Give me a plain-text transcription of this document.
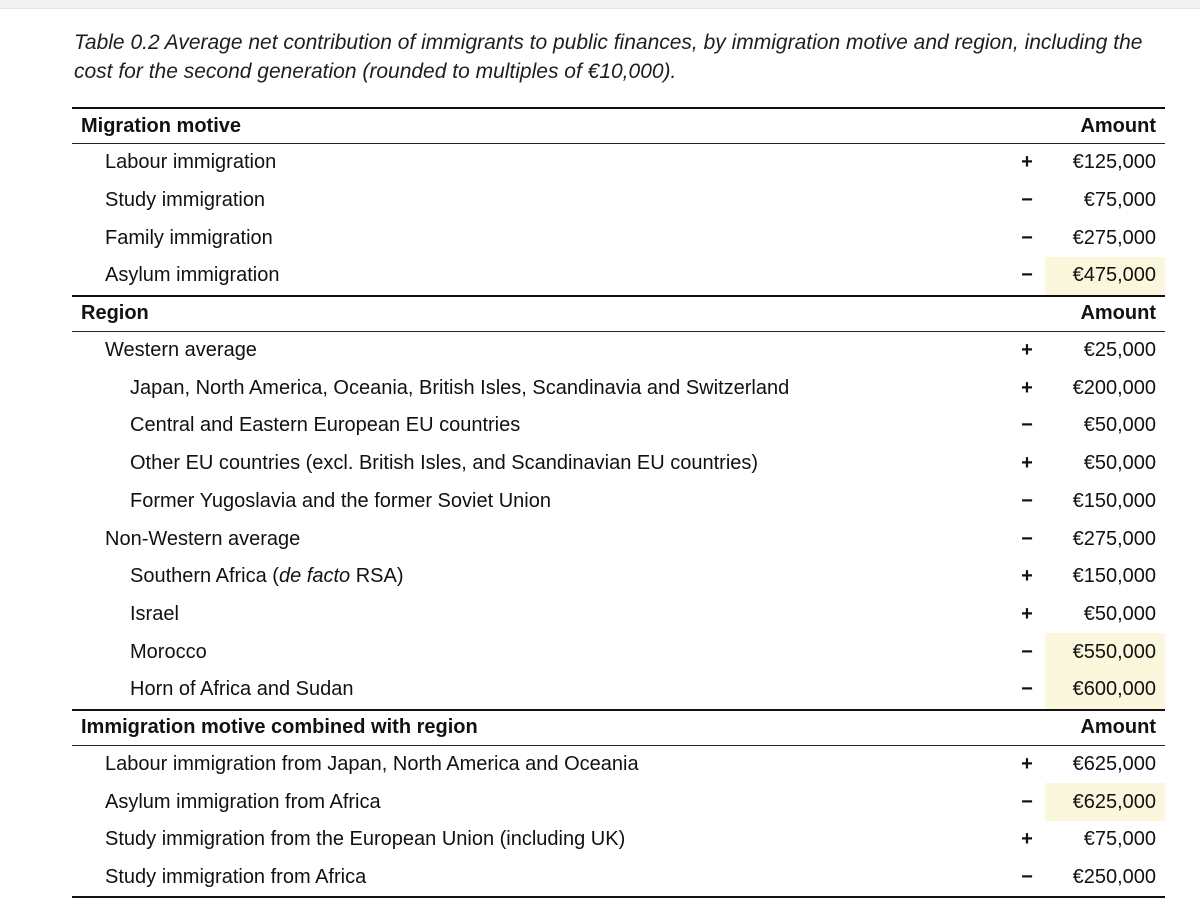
Table 0.2 Average net contribution of immigrants to public finances, by immigration motive and region, including the cost for the second generation (rounded to multiples of €10,000).
Migration motive	Amount
Labour immigration	+	€125,000
Study immigration	−	€75,000
Family immigration	−	€275,000
Asylum immigration	−	€475,000
Region	Amount
Western average	+	€25,000
Japan, North America, Oceania, British Isles, Scandinavia and Switzerland	+	€200,000
Central and Eastern European EU countries	−	€50,000
Other EU countries (excl. British Isles, and Scandinavian EU countries)	+	€50,000
Former Yugoslavia and the former Soviet Union	−	€150,000
Non-Western average	−	€275,000
Southern Africa (de facto RSA)	+	€150,000
Israel	+	€50,000
Morocco	−	€550,000
Horn of Africa and Sudan	−	€600,000
Immigration motive combined with region	Amount
Labour immigration from Japan, North America and Oceania	+	€625,000
Asylum immigration from Africa	−	€625,000
Study immigration from the European Union (including UK)	+	€75,000
Study immigration from Africa	−	€250,000
